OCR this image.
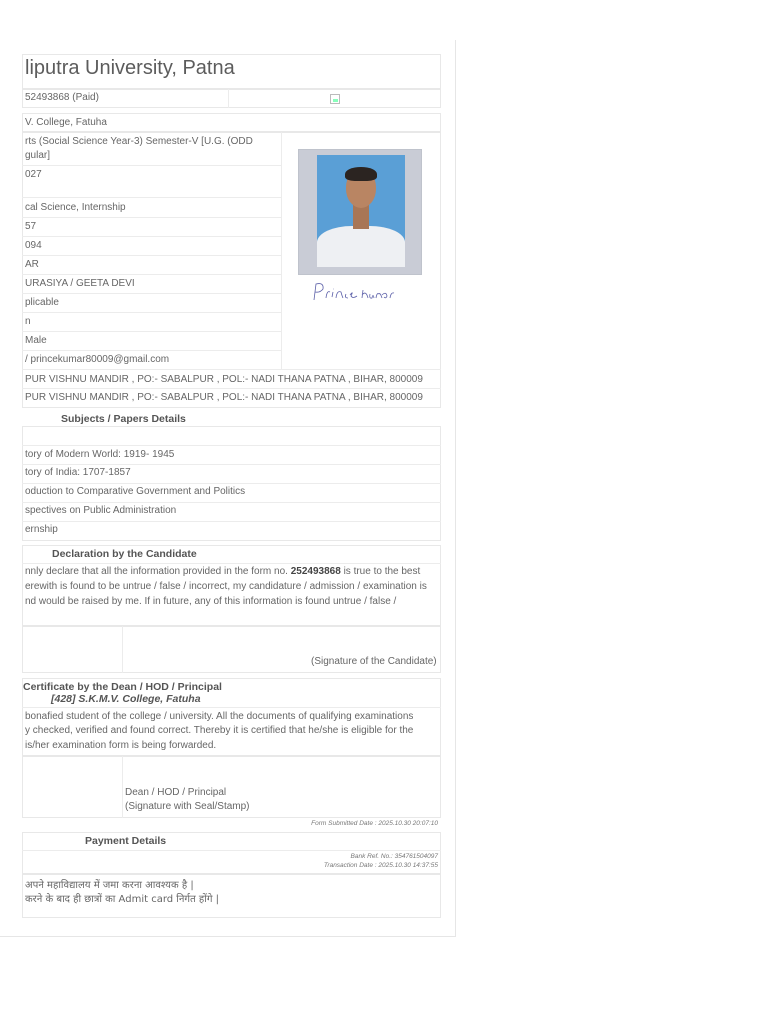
liputra University, Patna
52493868 (Paid)
V. College, Fatuha
rts (Social Science Year-3) Semester-V [U.G. (ODD
gular]
027
cal Science, Internship
57
094
AR
URASIYA / GEETA DEVI
plicable
n
Male
/ princekumar80009@gmail.com
PUR VISHNU MANDIR , PO:- SABALPUR , POL:- NADI THANA PATNA , BIHAR, 800009
PUR VISHNU MANDIR , PO:- SABALPUR , POL:- NADI THANA PATNA , BIHAR, 800009
Subjects / Papers Details
tory of Modern World: 1919- 1945
tory of India: 1707-1857
oduction to Comparative Government and Politics
spectives on Public Administration
ernship
Declaration by the Candidate
nnly declare that all the information provided in the form no. 252493868 is true to the best
erewith is found to be untrue / false / incorrect, my candidature / admission / examination is
nd would be raised by me. If in future, any of this information is found untrue / false /
(Signature of the Candidate)
Certificate by the Dean / HOD / Principal
[428] S.K.M.V. College, Fatuha
bonafied student of the college / university. All the documents of qualifying examinations
y checked, verified and found correct. Thereby it is certified that he/she is eligible for the
is/her examination form is being forwarded.
Dean / HOD / Principal
(Signature with Seal/Stamp)
Form Submitted Date : 2025.10.30 20:07:10
Payment Details
Bank Ref. No.: 354761504097
Transaction Date : 2025.10.30 14:37:55
अपने महाविद्यालय में जमा करना आवश्यक है |
करने के बाद ही छात्रों का Admit card निर्गत होंगे |
